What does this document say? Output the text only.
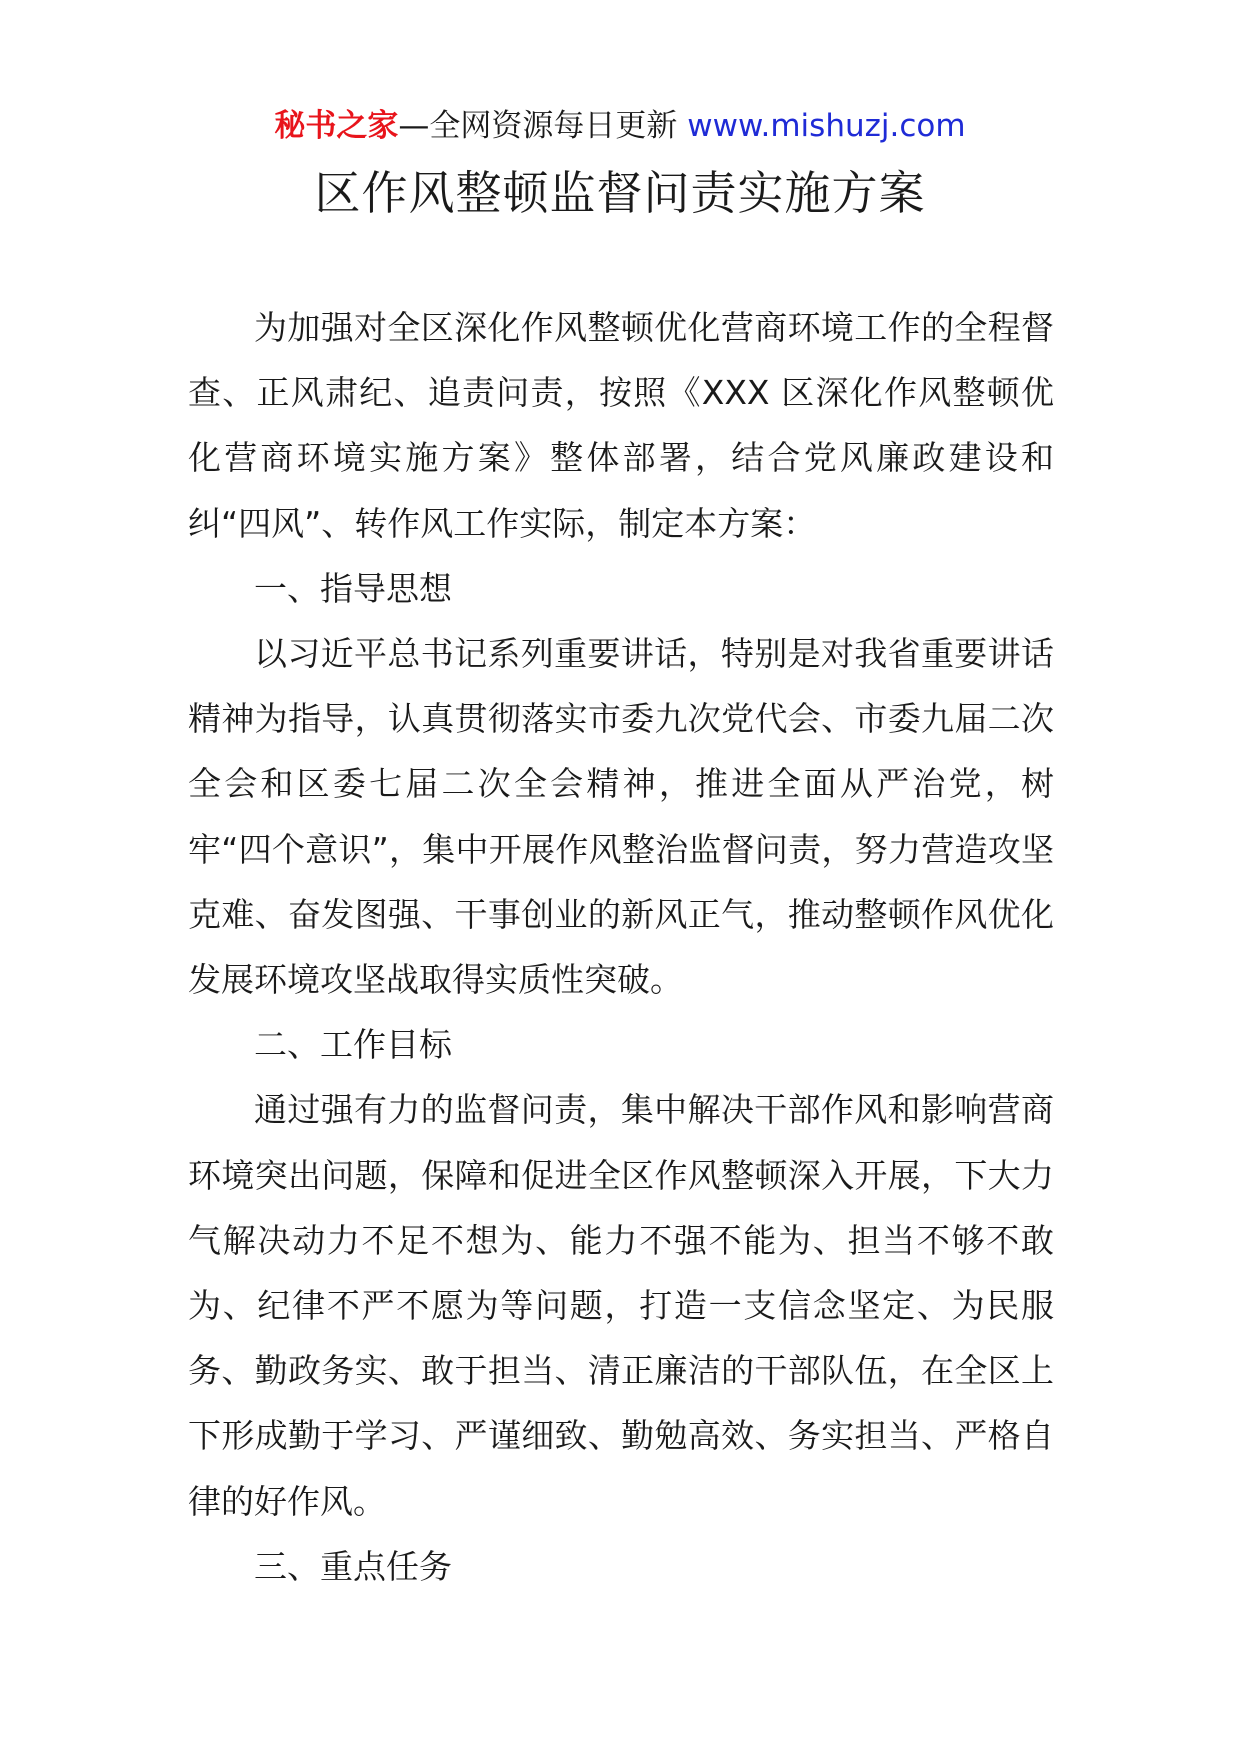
秘书之家—全网资源每日更新 www.mishuzj.com
区作风整顿监督问责实施方案

为加强对全区深化作风整顿优化营商环境工作的全程督查、正风肃纪、追责问责，按照《XXX 区深化作风整顿优化营商环境实施方案》整体部署，结合党风廉政建设和纠“四风”、转作风工作实际，制定本方案：

一、指导思想

以习近平总书记系列重要讲话，特别是对我省重要讲话精神为指导，认真贯彻落实市委九次党代会、市委九届二次全会和区委七届二次全会精神，推进全面从严治党，树牢“四个意识”，集中开展作风整治监督问责，努力营造攻坚克难、奋发图强、干事创业的新风正气，推动整顿作风优化发展环境攻坚战取得实质性突破。

二、工作目标

通过强有力的监督问责，集中解决干部作风和影响营商环境突出问题，保障和促进全区作风整顿深入开展，下大力气解决动力不足不想为、能力不强不能为、担当不够不敢为、纪律不严不愿为等问题，打造一支信念坚定、为民服务、勤政务实、敢于担当、清正廉洁的干部队伍，在全区上下形成勤于学习、严谨细致、勤勉高效、务实担当、严格自律的好作风。

三、重点任务
